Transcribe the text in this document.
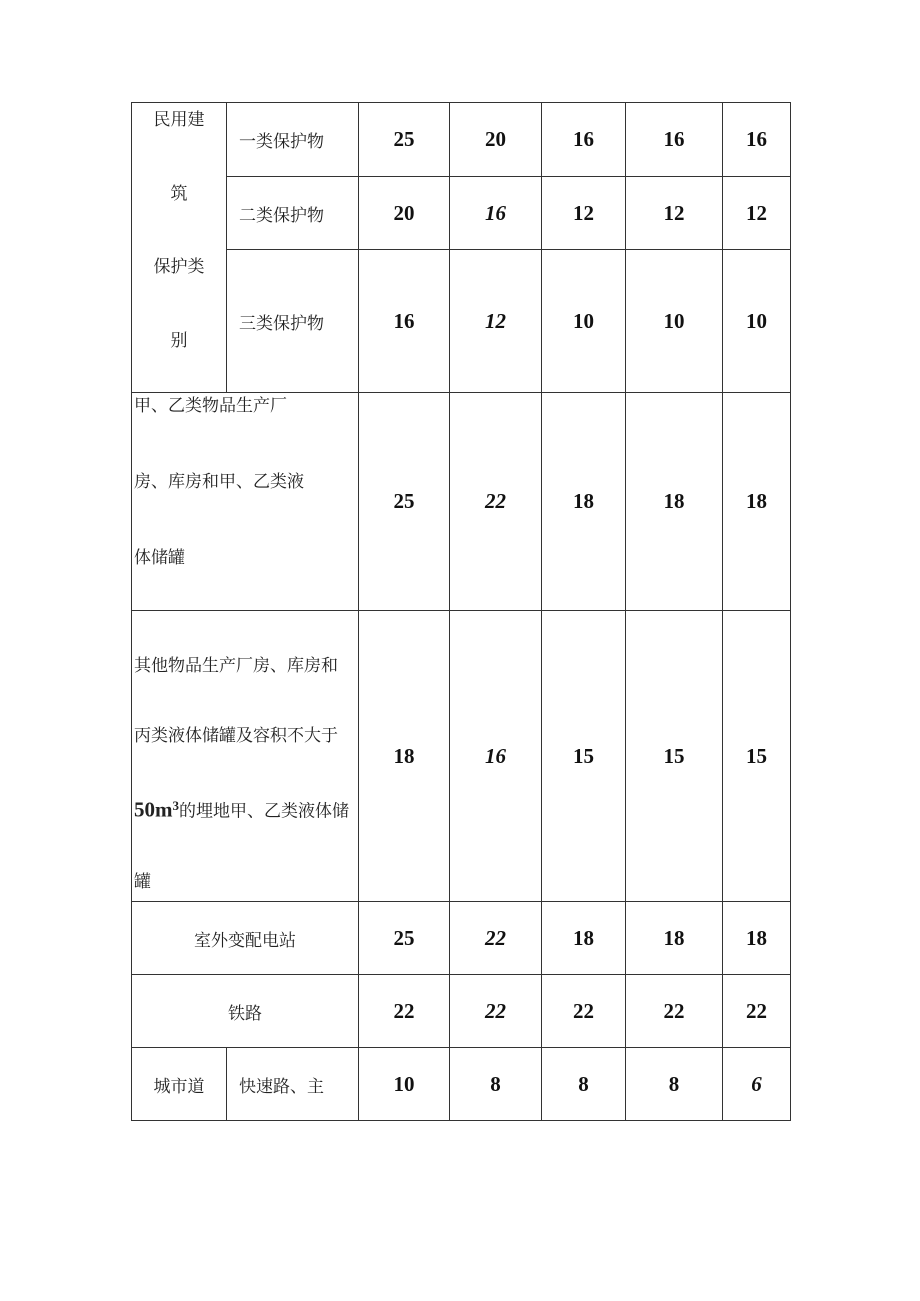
民用建
筑
保护类
别	一类保护物	25	20	16	16	16
	二类保护物	20	16	12	12	12
	三类保护物	16	12	10	10	10

甲、乙类物品生产厂
房、库房和甲、乙类液
体储罐		25	22	18	18	18

其他物品生产厂房、库房和
丙类液体储罐及容积不大于
$50m^3$的埋地甲、乙类液体储
罐		18	16	15	15	15
室外变配电站		25	22	18	18	18
铁路		22	22	22	22	22
城市道	快速路、主	10	8	8	8	6
